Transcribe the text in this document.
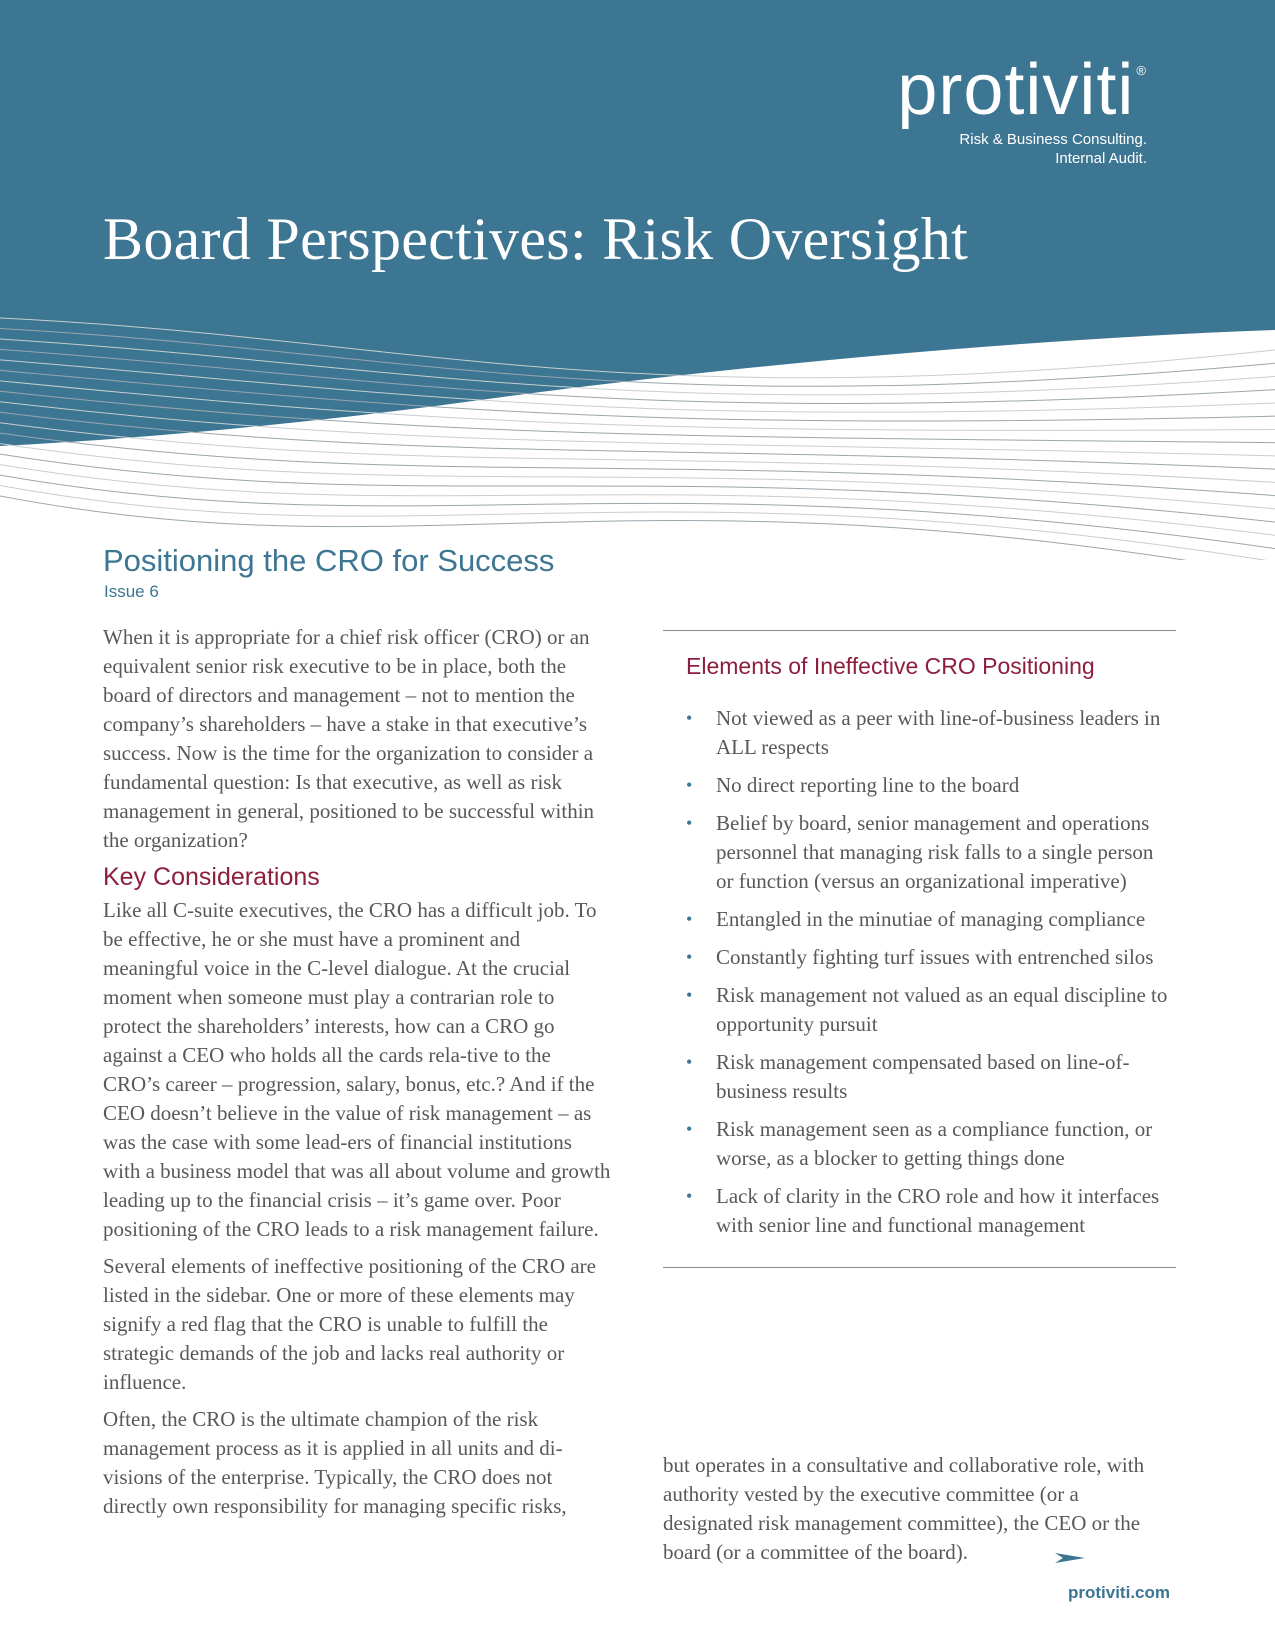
protiviti ®
Risk & Business Consulting.
Internal Audit.
Board Perspectives: Risk Oversight
Positioning the CRO for Success
Issue 6

When it is appropriate for a chief risk officer (CRO) or an equivalent senior risk executive to be in place, both the board of directors and management – not to mention the company’s shareholders – have a stake in that executive’s success. Now is the time for the organization to consider a fundamental question: Is that executive, as well as risk management in general, positioned to be successful within the organization?

Key Considerations

Like all C-suite executives, the CRO has a difficult job. To be effective, he or she must have a prominent and meaningful voice in the C-level dialogue. At the crucial moment when someone must play a contrarian role to protect the shareholders’ interests, how can a CRO go against a CEO who holds all the cards rela-tive to the CRO’s career – progression, salary, bonus, etc.? And if the CEO doesn’t believe in the value of risk management – as was the case with some lead-ers of financial institutions with a business model that was all about volume and growth leading up to the financial crisis – it’s game over. Poor positioning of the CRO leads to a risk management failure.

Several elements of ineffective positioning of the CRO are listed in the sidebar. One or more of these elements may signify a red flag that the CRO is unable to fulfill the strategic demands of the job and lacks real authority or influence.

Often, the CRO is the ultimate champion of the risk management process as it is applied in all units and di-visions of the enterprise. Typically, the CRO does not directly own responsibility for managing specific risks,

Elements of Ineffective CRO Positioning
• Not viewed as a peer with line-of-business leaders in ALL respects
• No direct reporting line to the board
• Belief by board, senior management and operations personnel that managing risk falls to a single person or function (versus an organizational imperative)
• Entangled in the minutiae of managing compliance
• Constantly fighting turf issues with entrenched silos
• Risk management not valued as an equal discipline to opportunity pursuit
• Risk management compensated based on line-of-business results
• Risk management seen as a compliance function, or worse, as a blocker to getting things done
• Lack of clarity in the CRO role and how it interfaces with senior line and functional management
but operates in a consultative and collaborative role, with authority vested by the executive committee (or a designated risk management committee), the CEO or the board (or a committee of the board).
protiviti.com
